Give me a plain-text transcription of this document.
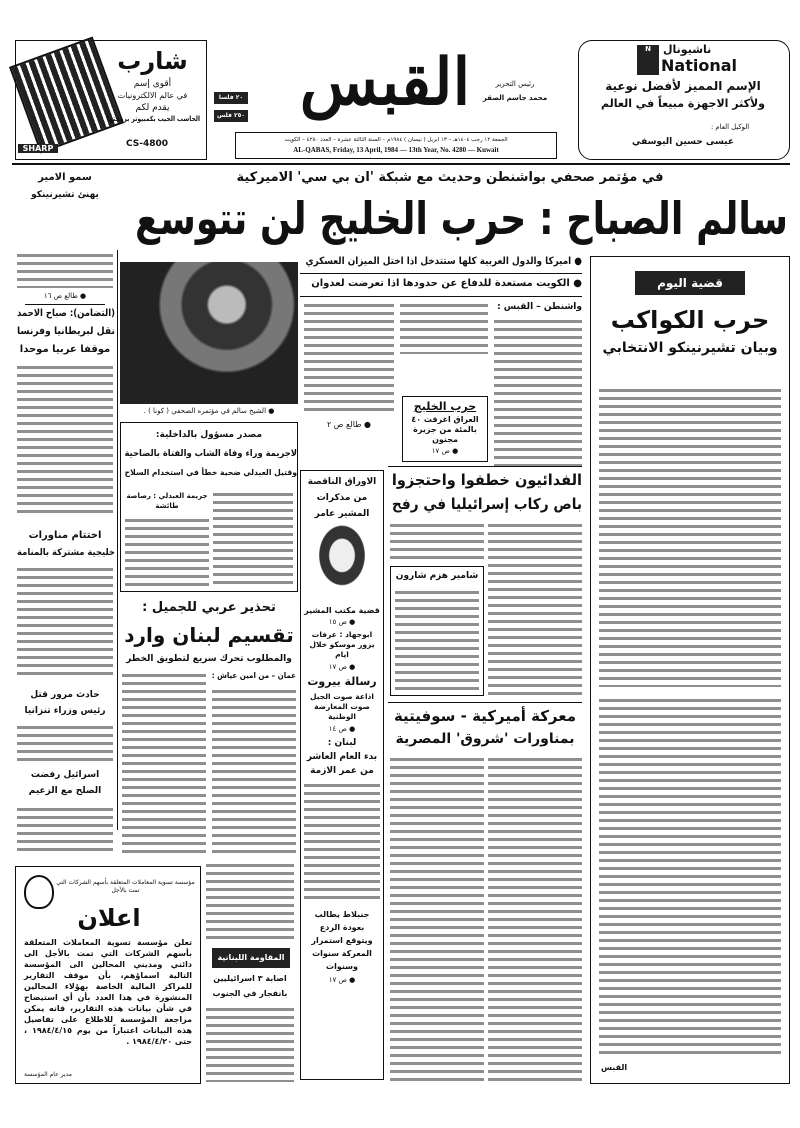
شارب
أقوى إسم
في عالم الالكترونيات
يقدم لكم
الحاسب الجيب بكمبيوتر برمجتها
CS-4800
SHARP
٢٠ فلسا
٢٥٠ فلس القبس	رئيس التحرير
محمد جاسم الصقر
الجمعة ١٢ رجب ١٤٠٤هـ – ١٣ ابريل ( نيسان ) ١٩٨٤م – السنة الثالثة عشرة – العدد ٤٢٨٠ – الكويت
AL-QABAS, Friday, 13 April, 1984 — 13th Year, No. 4280 — Kuwait
N	ناشيونال
National
الإسم المميز لأفضل نوعية
ولأكثر الاجهزة مبيعاً في العالم
الوكيل العام :
عيسى حسين اليوسفي
في مؤتمر صحفي بواشنطن وحديث مع شبكة 'ان بي سي' الاميركية
سالم الصباح : حرب الخليج لن تتوسع
● اميركا والدول العربية كلها ستتدخل اذا اختل الميزان العسكري
● الكويت مستعدة للدفاع عن حدودها اذا تعرضت لعدوان
● الشيخ سالم في مؤتمره الصحفي ( كونا ) .
واشنطن – القبس :
● طالع ص ٢
حرب الخليج
العراق اغرقت ٤٠ بالمئة من جزيرة مجنون
● ص ١٧
سمو الامير
يهنئ تشيرنينكو
● طالع ص ١٦
(التضامن): صباح الاحمد
نقل لبريطانيا وفرنسا
موقفا عربيا موحدا
اختتام مناورات
خليجية مشتركة بالمنامة
حادث مرور قتل
رئيس وزراء تنزانيا
اسرائيل رفضت
الصلح مع الزعيم
مصدر مسؤول بالداخلية:
لاجريمة وراء وفاة الشاب والفتاة بالضاحية
وقتيل العبدلي ضحية خطأ في استخدام السلاح
جريمة العبدلي : رصاصة طائشة
تحذير عربي للجميل :
تقسيم لبنان وارد
والمطلوب تحرك سريع لتطويق الخطر
عمان – من امين عياش :
المقاومة اللبنانية
اصابة ٣ اسرائيليين
بانفجار في الجنوب
مؤسسة تسوية المعاملات المتعلقة بأسهم الشركات التي تمت بالأجل
اعلان
تعلن مؤسسة تسوية المعاملات المتعلقة بأسهم الشركات التي تمت بالأجل الى دائني ومديني المحالين الى المؤسسة التالية اسماؤهم، بأن موقف التقارير للمراكز المالية الخاصة بهؤلاء المحالين المنشورة في هذا العدد بأن أي استيضاح في شأن بيانات هذه التقارير، فانه يمكن مراجعة المؤسسة للاطلاع على تفاصيل هذه البيانات اعتباراً من يوم ١٩٨٤/٤/١٥ ، حتى ١٩٨٤/٤/٢٠ .
مدير عام المؤسسة
الاوراق الناقصة
من مذكرات
المشير عامر
قضية مكتب المشير
● ص ١٥
ابوجهاد : عرفات يزور موسكو خلال ايام
● ص ١٧
رسالة بيروت
اذاعة صوت الجبل صوت المعارضة الوطنية
● ص ١٤
لبنان :
بدء العام العاشر
من عمر الازمة
جنبلاط يطالب بعودة الردع ويتوقع استمرار المعركة سنوات وسنوات
● ص ١٧
الفدائيون خطفوا واحتجزوا
باص ركاب إسرائيليا في رفح
شامير هزم شارون
معركة أميركية - سوفيتية
بمناورات 'شروق' المصرية
قضية اليوم
حرب الكواكب
وبيان تشيرنينكو الانتخابي
القبس
